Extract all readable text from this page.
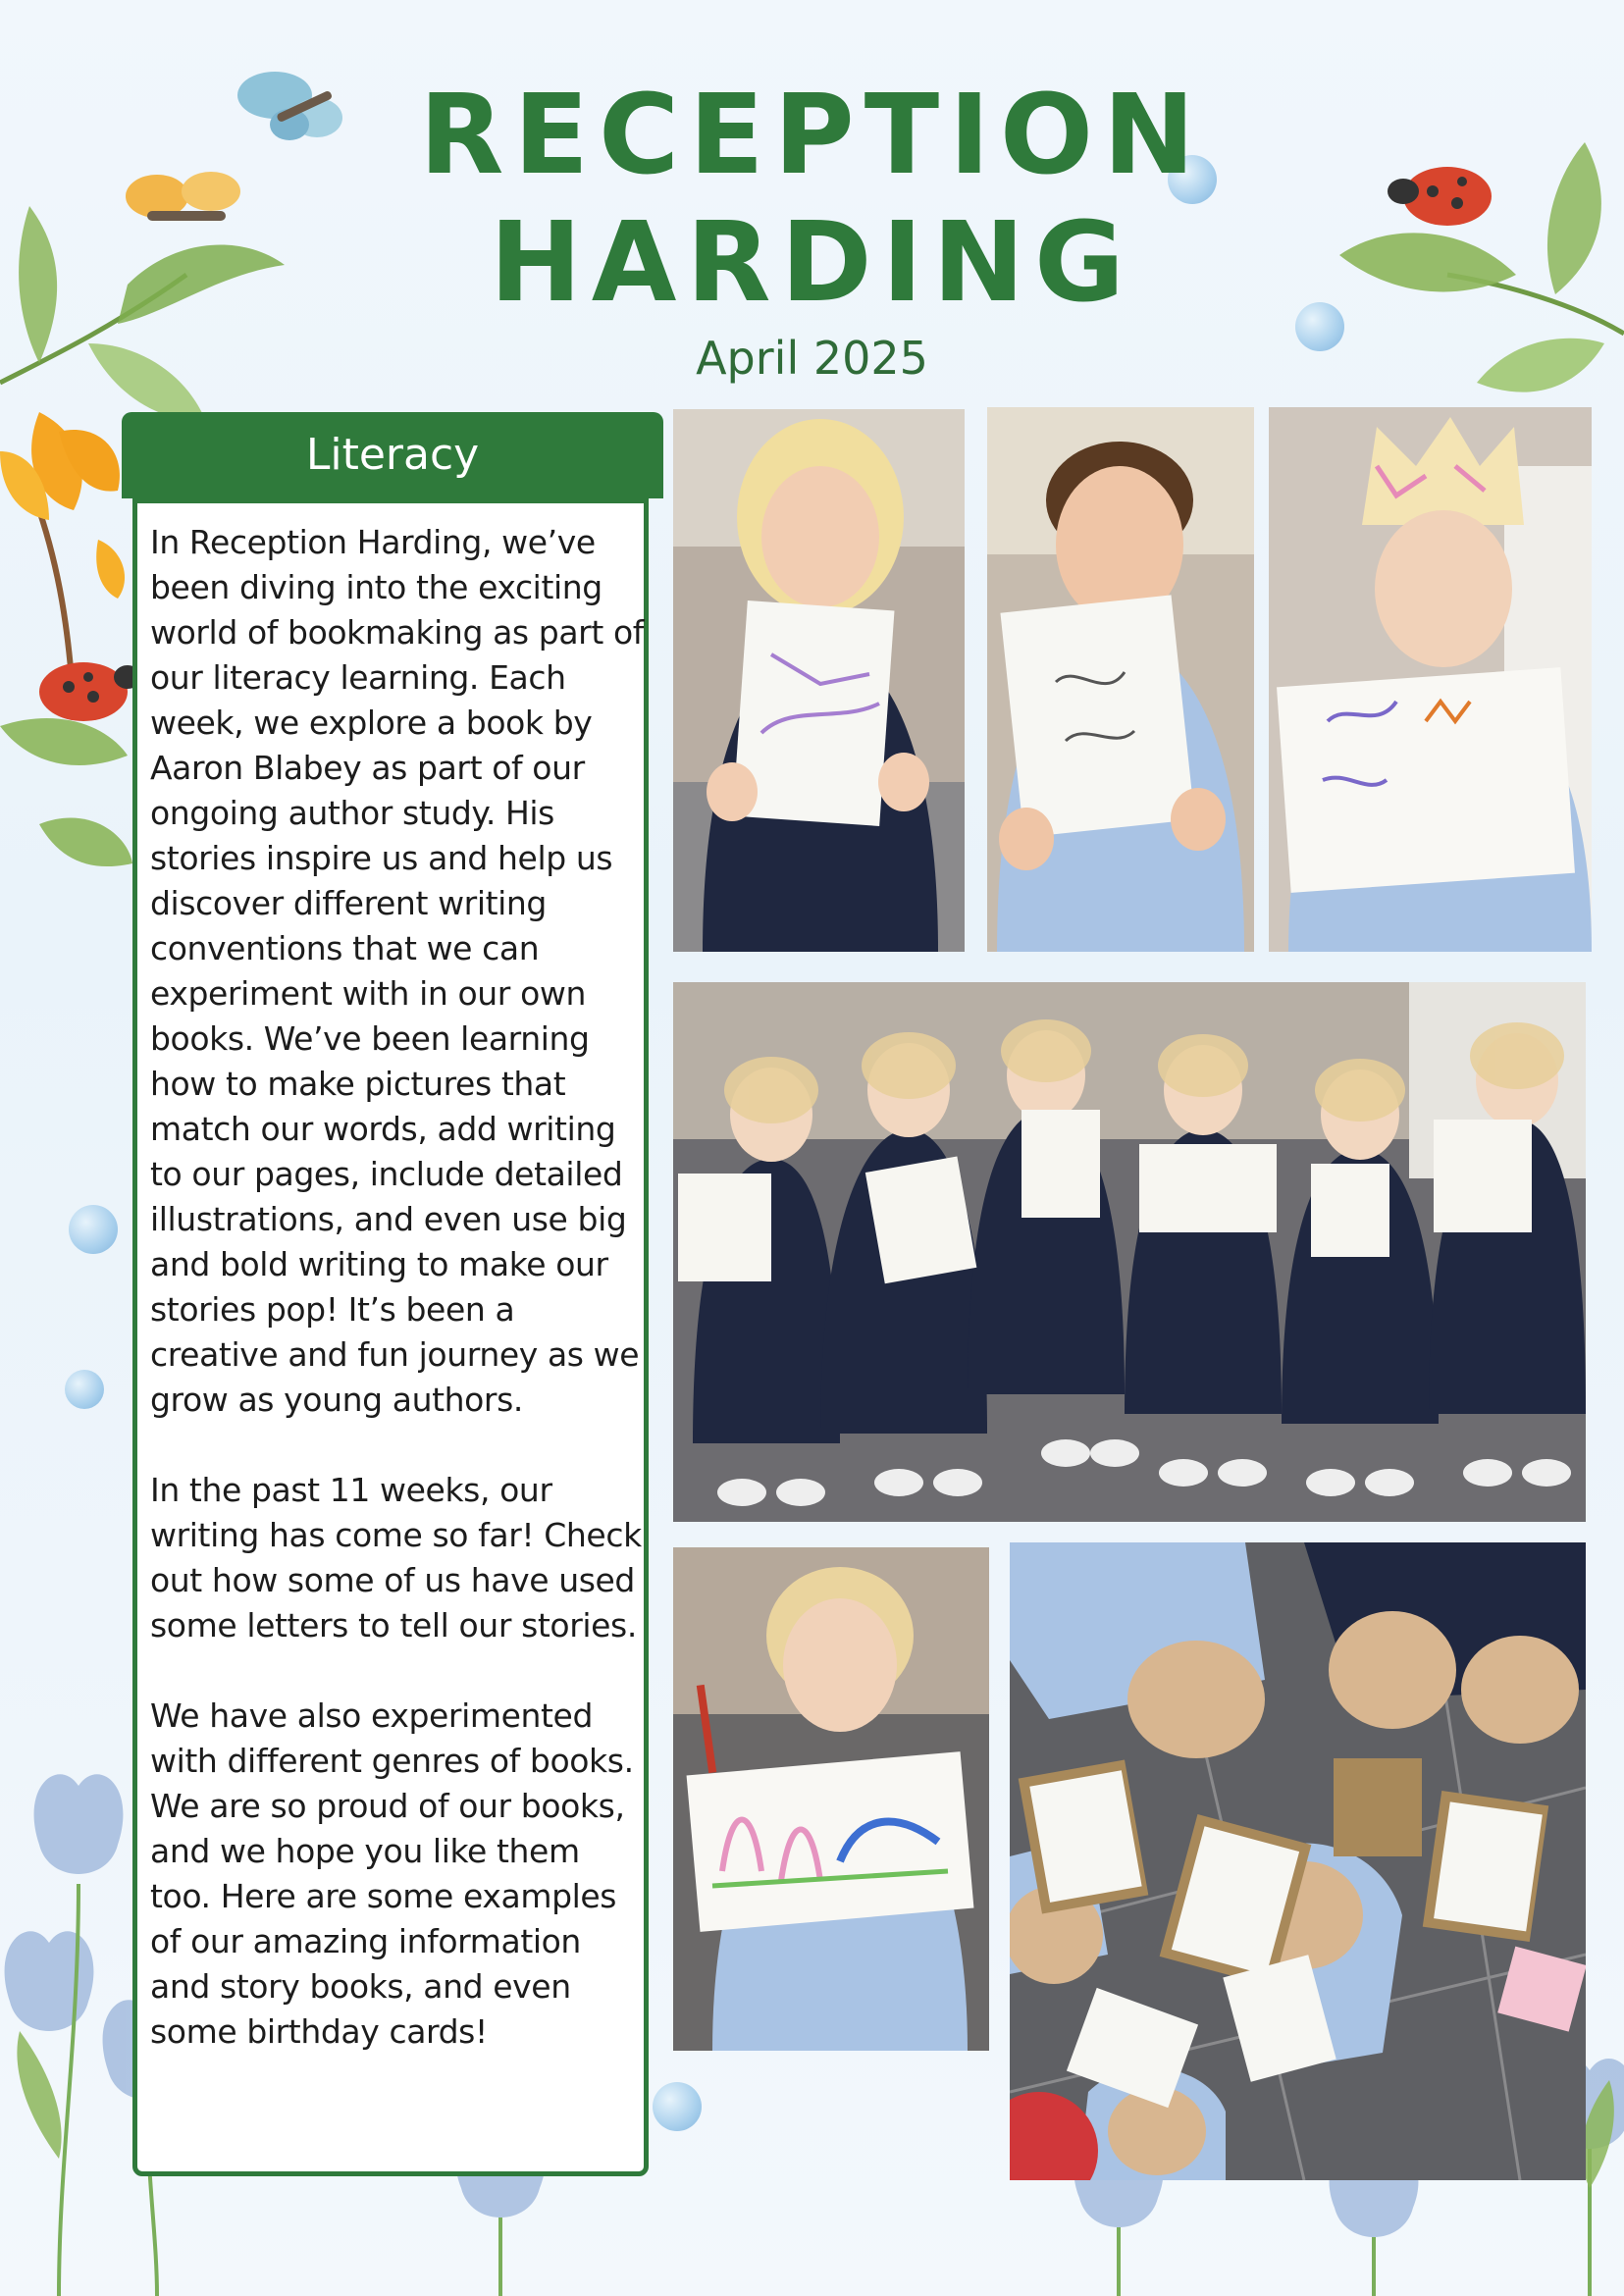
RECEPTION
HARDING
April 2025
Literacy

In Reception Harding, we’ve been diving into the exciting world of bookmaking as part of our literacy learning. Each week, we explore a book by Aaron Blabey as part of our ongoing author study. His stories inspire us and help us discover different writing conventions that we can experiment with in our own books. We’ve been learning how to make pictures that match our words, add writing to our pages, include detailed illustrations, and even use big and bold writing to make our stories pop! It’s been a creative and fun journey as we grow as young authors.

In the past 11 weeks, our writing has come so far! Check out how some of us have used some letters to tell our stories.

We have also experimented with different genres of books. We are so proud of our books, and we hope you like them too. Here are some examples of our amazing information and story books, and even some birthday cards!
